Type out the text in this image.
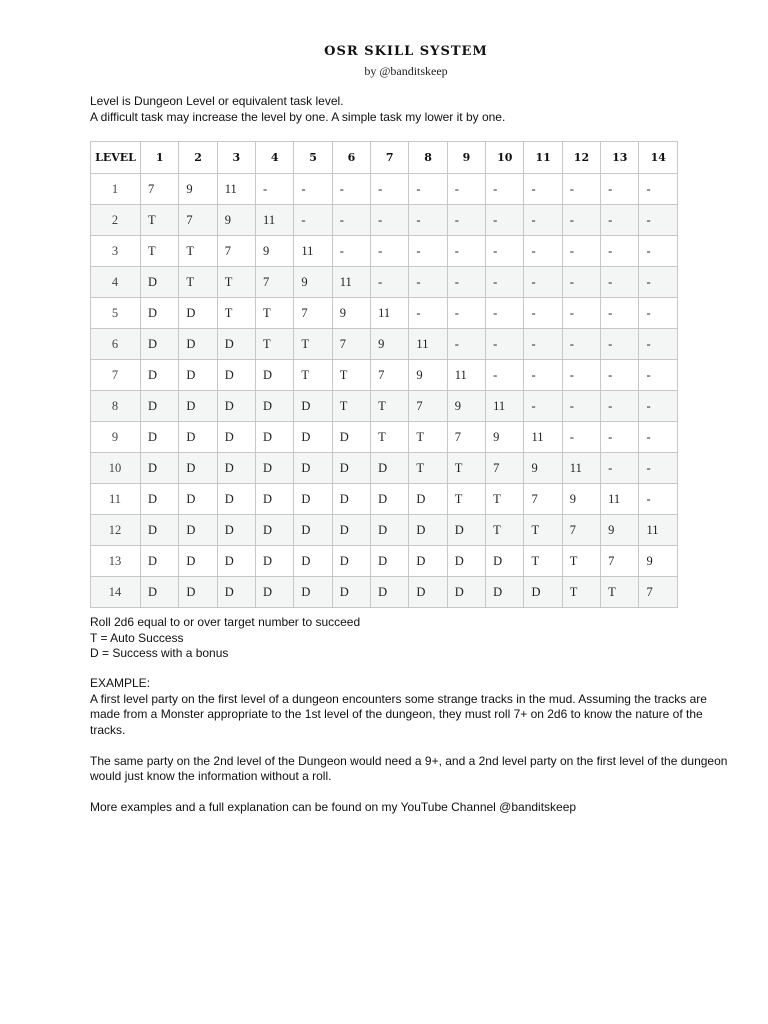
OSR SKILL SYSTEM
by @banditskeep

Level is Dungeon Level or equivalent task level.

A difficult task may increase the level by one. A simple task my lower it by one.

LEVEL	1	2	3	4	5	6	7	8	9	10	11	12	13	14
1	7	9	11	-	-	-	-	-	-	-	-	-	-	-
2	T	7	9	11	-	-	-	-	-	-	-	-	-	-
3	T	T	7	9	11	-	-	-	-	-	-	-	-	-
4	D	T	T	7	9	11	-	-	-	-	-	-	-	-
5	D	D	T	T	7	9	11	-	-	-	-	-	-	-
6	D	D	D	T	T	7	9	11	-	-	-	-	-	-
7	D	D	D	D	T	T	7	9	11	-	-	-	-	-
8	D	D	D	D	D	T	T	7	9	11	-	-	-	-
9	D	D	D	D	D	D	T	T	7	9	11	-	-	-
10	D	D	D	D	D	D	D	T	T	7	9	11	-	-
11	D	D	D	D	D	D	D	D	T	T	7	9	11	-
12	D	D	D	D	D	D	D	D	D	T	T	7	9	11
13	D	D	D	D	D	D	D	D	D	D	T	T	7	9
14	D	D	D	D	D	D	D	D	D	D	D	T	T	7

Roll 2d6 equal to or over target number to succeed

T = Auto Success

D = Success with a bonus

EXAMPLE:

A first level party on the first level of a dungeon encounters some strange tracks in the mud. Assuming the tracks are made from a Monster appropriate to the 1st level of the dungeon, they must roll 7+ on 2d6 to know the nature of the tracks.

The same party on the 2nd level of the Dungeon would need a 9+, and a 2nd level party on the first level of the dungeon would just know the information without a roll.

More examples and a full explanation can be found on my YouTube Channel @banditskeep
